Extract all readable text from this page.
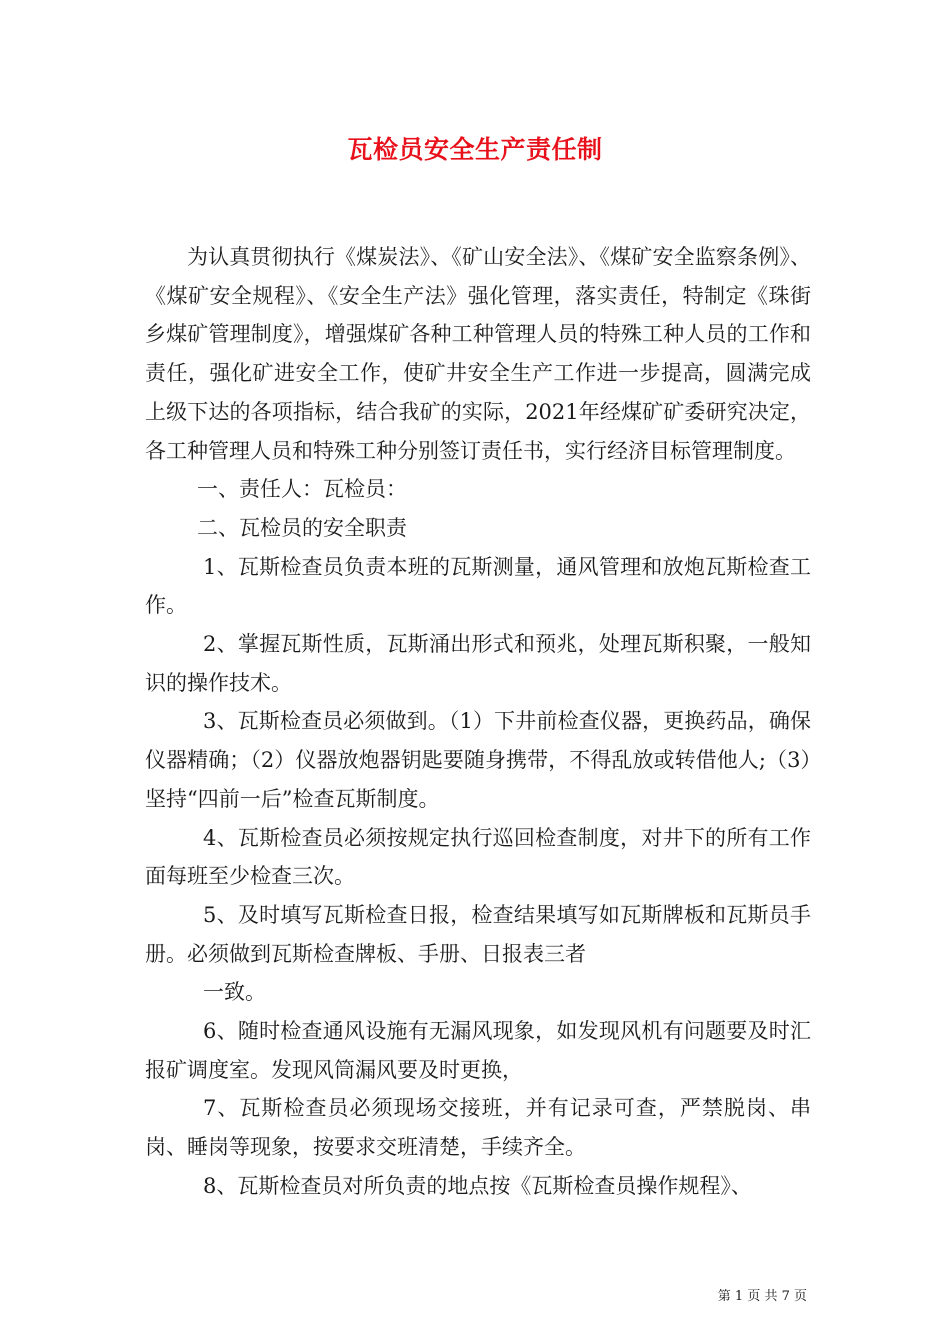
瓦检员安全生产责任制

为认真贯彻执行《煤炭法》、《矿山安全法》、《煤矿安全监察条例》、《煤矿安全规程》、《安全生产法》强化管理，落实责任，特制定《珠街乡煤矿管理制度》，增强煤矿各种工种管理人员的特殊工种人员的工作和责任，强化矿进安全工作，使矿井安全生产工作进一步提高，圆满完成上级下达的各项指标，结合我矿的实际，2021年经煤矿矿委研究决定，各工种管理人员和特殊工种分别签订责任书，实行经济目标管理制度。

一、责任人：瓦检员：

二、瓦检员的安全职责

1、瓦斯检查员负责本班的瓦斯测量，通风管理和放炮瓦斯检查工作。

2、掌握瓦斯性质，瓦斯涌出形式和预兆，处理瓦斯积聚，一般知识的操作技术。

3、瓦斯检查员必须做到。（1）下井前检查仪器，更换药品，确保仪器精确；（2）仪器放炮器钥匙要随身携带，不得乱放或转借他人;（3）坚持“四前一后”检查瓦斯制度。

4、瓦斯检查员必须按规定执行巡回检查制度，对井下的所有工作面每班至少检查三次。

5、及时填写瓦斯检查日报，检查结果填写如瓦斯牌板和瓦斯员手册。必须做到瓦斯检查牌板、手册、日报表三者

一致。

6、随时检查通风设施有无漏风现象，如发现风机有问题要及时汇报矿调度室。发现风筒漏风要及时更换，

7、瓦斯检查员必须现场交接班，并有记录可查，严禁脱岗、串岗、睡岗等现象，按要求交班清楚，手续齐全。

8、瓦斯检查员对所负责的地点按《瓦斯检查员操作规程》、

第 1 页 共 7 页
